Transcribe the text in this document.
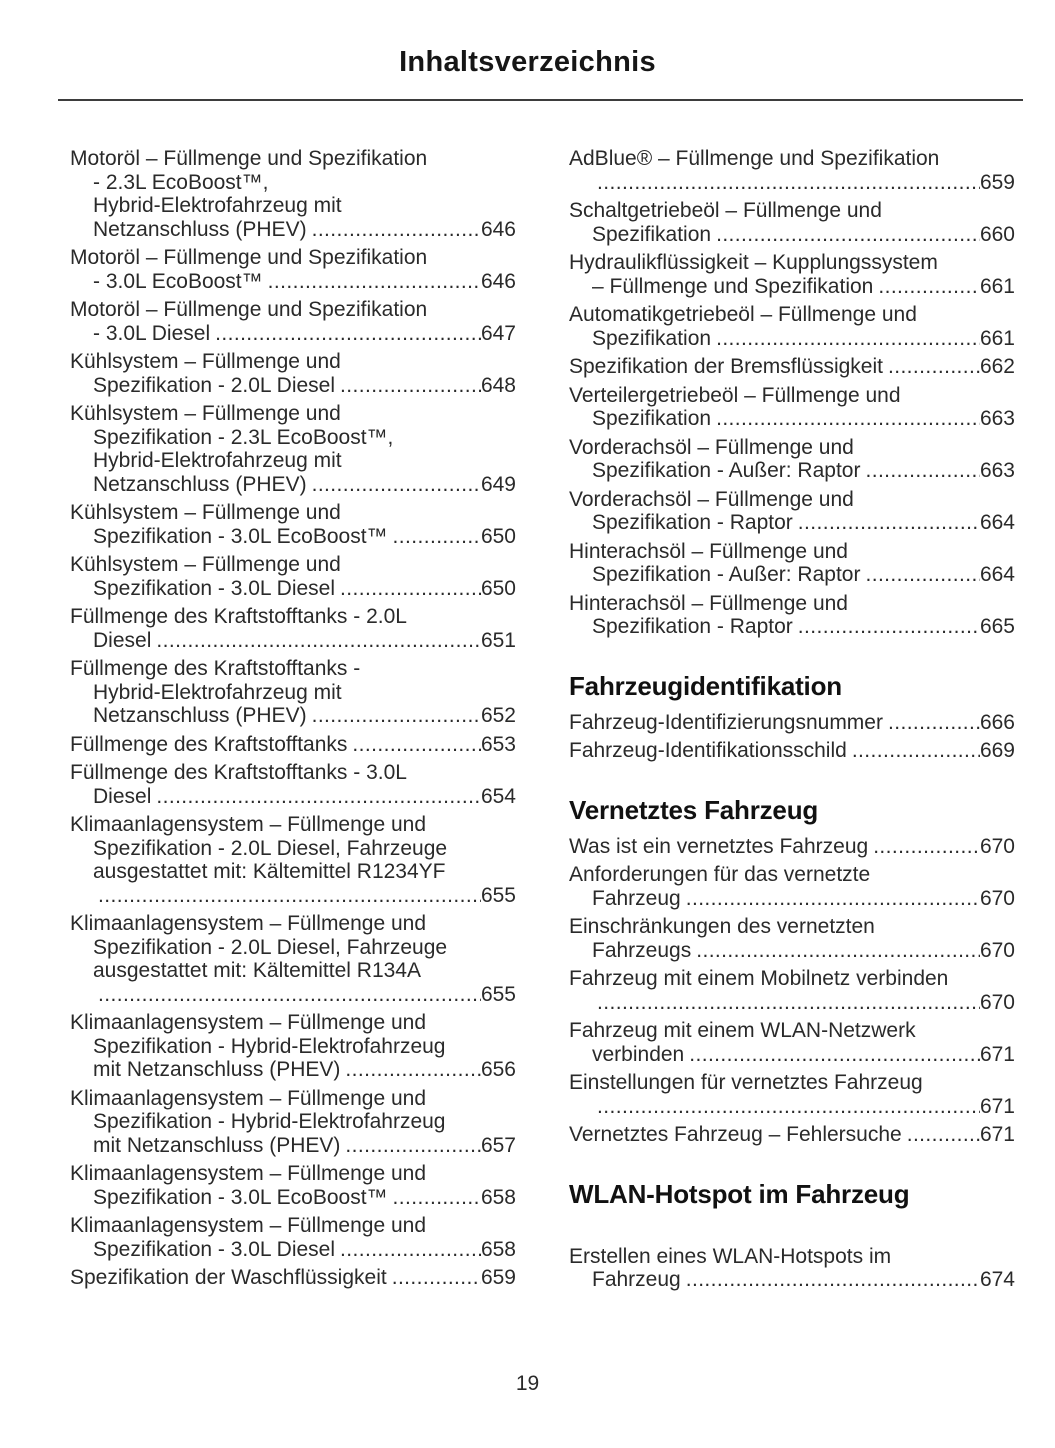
Inhaltsverzeichnis
Motoröl – Füllmenge und Spezifikation
- 2.3L EcoBoost™,
Hybrid-Elektrofahrzeug mit
Netzanschluss (PHEV) .....	646
Motoröl – Füllmenge und Spezifikation
- 3.0L EcoBoost™ .....	646
Motoröl – Füllmenge und Spezifikation
- 3.0L Diesel .....	647
Kühlsystem – Füllmenge und
Spezifikation - 2.0L Diesel .....	648
Kühlsystem – Füllmenge und
Spezifikation - 2.3L EcoBoost™,
Hybrid-Elektrofahrzeug mit
Netzanschluss (PHEV) .....	649
Kühlsystem – Füllmenge und
Spezifikation - 3.0L EcoBoost™ .....	650
Kühlsystem – Füllmenge und
Spezifikation - 3.0L Diesel .....	650
Füllmenge des Kraftstofftanks - 2.0L
Diesel .....	651
Füllmenge des Kraftstofftanks -
Hybrid-Elektrofahrzeug mit
Netzanschluss (PHEV) .....	652
Füllmenge des Kraftstofftanks .....	653
Füllmenge des Kraftstofftanks - 3.0L
Diesel .....	654
Klimaanlagensystem – Füllmenge und
Spezifikation - 2.0L Diesel, Fahrzeuge
ausgestattet mit: Kältemittel R1234YF
.....
655
Klimaanlagensystem – Füllmenge und
Spezifikation - 2.0L Diesel, Fahrzeuge
ausgestattet mit: Kältemittel R134A
.....
655
Klimaanlagensystem – Füllmenge und
Spezifikation - Hybrid-Elektrofahrzeug
mit Netzanschluss (PHEV) .....	656
Klimaanlagensystem – Füllmenge und
Spezifikation - Hybrid-Elektrofahrzeug
mit Netzanschluss (PHEV) .....	657
Klimaanlagensystem – Füllmenge und
Spezifikation - 3.0L EcoBoost™ .....	658
Klimaanlagensystem – Füllmenge und
Spezifikation - 3.0L Diesel .....	658
Spezifikation der Waschflüssigkeit .....	659
AdBlue® – Füllmenge und Spezifikation
.....
659
Schaltgetriebeöl – Füllmenge und
Spezifikation .....	660
Hydraulikflüssigkeit – Kupplungssystem
– Füllmenge und Spezifikation .....	661
Automatikgetriebeöl – Füllmenge und
Spezifikation .....	661
Spezifikation der Bremsflüssigkeit .....	662
Verteilergetriebeöl – Füllmenge und
Spezifikation .....	663
Vorderachsöl – Füllmenge und
Spezifikation - Außer: Raptor .....	663
Vorderachsöl – Füllmenge und
Spezifikation - Raptor .....	664
Hinterachsöl – Füllmenge und
Spezifikation - Außer: Raptor .....	664
Hinterachsöl – Füllmenge und
Spezifikation - Raptor .....	665
Fahrzeugidentifikation
Fahrzeug-Identifizierungsnummer .....	666
Fahrzeug-Identifikationsschild .....	669
Vernetztes Fahrzeug
Was ist ein vernetztes Fahrzeug .....	670
Anforderungen für das vernetzte
Fahrzeug .....	670
Einschränkungen des vernetzten
Fahrzeugs .....	670
Fahrzeug mit einem Mobilnetz verbinden
.....
670
Fahrzeug mit einem WLAN-Netzwerk
verbinden .....	671
Einstellungen für vernetztes Fahrzeug
.....
671
Vernetztes Fahrzeug – Fehlersuche .....	671
WLAN-Hotspot im Fahrzeug
Erstellen eines WLAN-Hotspots im
Fahrzeug .....	674
19
